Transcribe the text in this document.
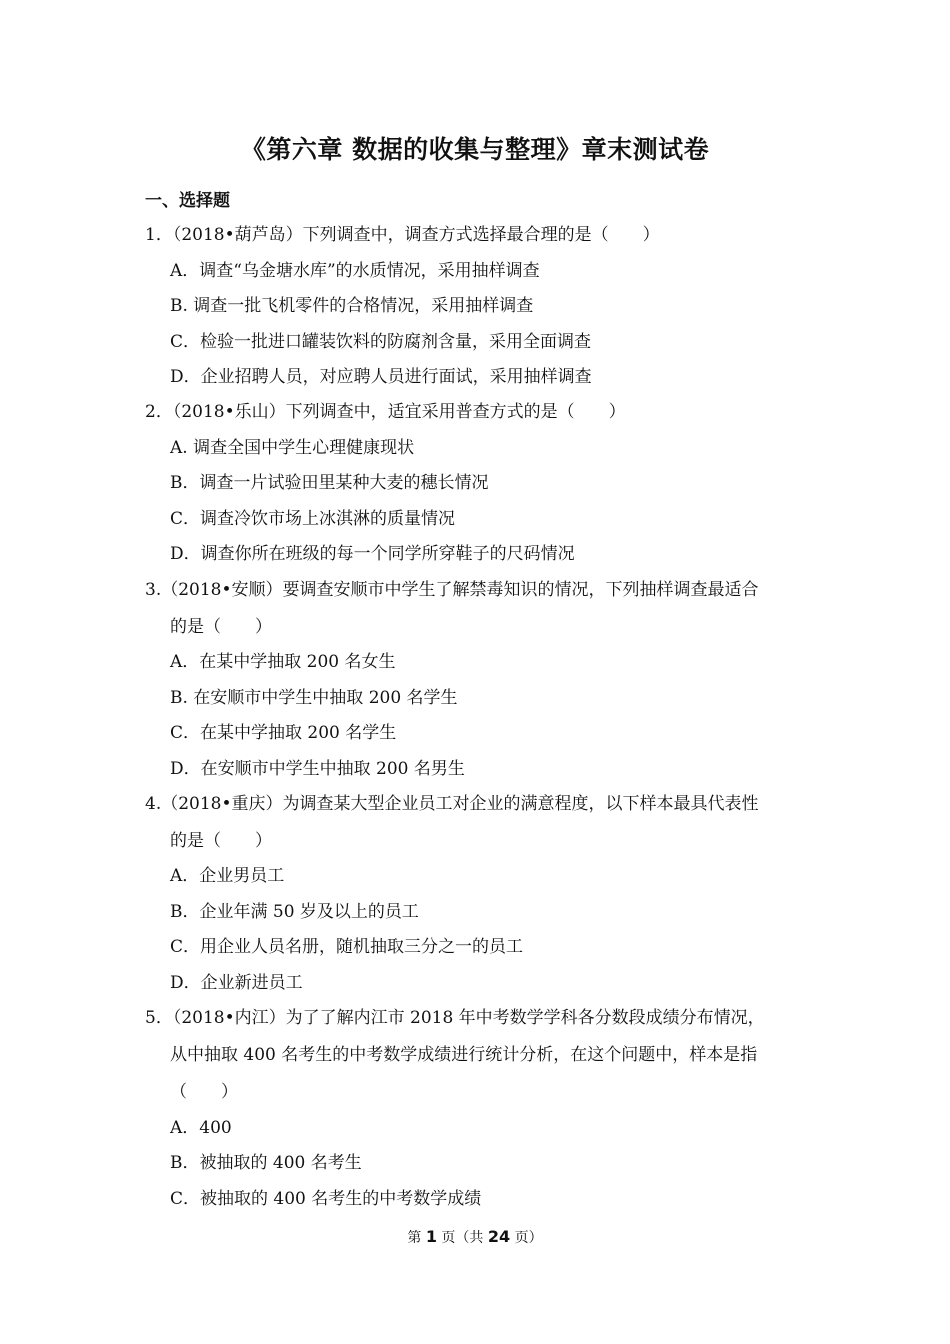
《第六章 数据的收集与整理》章末测试卷
一、选择题
1．（2018•葫芦岛）下列调查中，调查方式选择最合理的是（　　）
A．调查“乌金塘水库”的水质情况，采用抽样调查
B. 调查一批飞机零件的合格情况，采用抽样调查
C．检验一批进口罐装饮料的防腐剂含量，采用全面调查
D．企业招聘人员，对应聘人员进行面试，采用抽样调查
2．（2018•乐山）下列调查中，适宜采用普查方式的是（　　）
A. 调查全国中学生心理健康现状
B．调查一片试验田里某种大麦的穗长情况
C．调查冷饮市场上冰淇淋的质量情况
D．调查你所在班级的每一个同学所穿鞋子的尺码情况
3.（2018•安顺）要调查安顺市中学生了解禁毒知识的情况，下列抽样调查最适合
的是（　　）
A．在某中学抽取 200 名女生
B. 在安顺市中学生中抽取 200 名学生
C．在某中学抽取 200 名学生
D．在安顺市中学生中抽取 200 名男生
4.（2018•重庆）为调查某大型企业员工对企业的满意程度，以下样本最具代表性
的是（　　）
A．企业男员工
B．企业年满 50 岁及以上的员工
C．用企业人员名册，随机抽取三分之一的员工
D．企业新进员工
5．（2018•内江）为了了解内江市 2018 年中考数学学科各分数段成绩分布情况，
从中抽取 400 名考生的中考数学成绩进行统计分析，在这个问题中，样本是指
（　　）
A．400
B．被抽取的 400 名考生
C．被抽取的 400 名考生的中考数学成绩
第 1 页（共 24 页）
